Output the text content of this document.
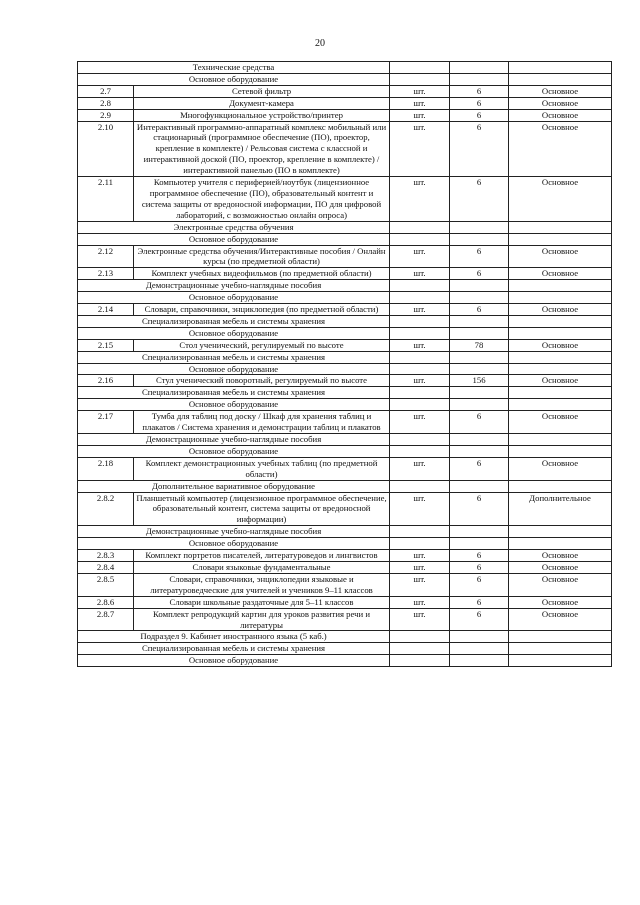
20
Технические средства				
Основное оборудование				
2.7	Сетевой фильтр	шт.	6	Основное
2.8	Документ-камера	шт.	6	Основное
2.9	Многофункциональное устройство/принтер	шт.	6	Основное
2.10	Интерактивный программно-аппаратный комплекс мобильный или стационарный (программное обеспечение (ПО), проектор, крепление в комплекте) / Рельсовая система с классной и интерактивной доской (ПО, проектор, крепление в комплекте) / интерактивной панелью (ПО в комплекте)	шт.	6	Основное
2.11	Компьютер учителя с периферией/ноутбук (лицензионное программное обеспечение (ПО), образовательный контент и система защиты от вредоносной информации, ПО для цифровой лабораторий, с возможностью онлайн опроса)	шт.	6	Основное
Электронные средства обучения				
Основное оборудование				
2.12	Электронные средства обучения/Интерактивные пособия / Онлайн курсы (по предметной области)	шт.	6	Основное
2.13	Комплект учебных видеофильмов (по предметной области)	шт.	6	Основное
Демонстрационные учебно-наглядные пособия				
Основное оборудование				
2.14	Словари, справочники, энциклопедия (по предметной области)	шт.	6	Основное
Специализированная мебель и системы хранения				
Основное оборудование				
2.15	Стол ученический, регулируемый по высоте	шт.	78	Основное
Специализированная мебель и системы хранения				
Основное оборудование				
2.16	Стул ученический поворотный, регулируемый по высоте	шт.	156	Основное
Специализированная мебель и системы хранения				
Основное оборудование				
2.17	Тумба для таблиц под доску / Шкаф для хранения таблиц и плакатов / Система хранения и демонстрации таблиц и плакатов	шт.	6	Основное
Демонстрационные учебно-наглядные пособия				
Основное оборудование				
2.18	Комплект демонстрационных учебных таблиц (по предметной области)	шт.	6	Основное
Дополнительное вариативное оборудование				
2.8.2	Планшетный компьютер (лицензионное программное обеспечение, образовательный контент, система защиты от вредоносной информации)	шт.	6	Дополнительное
Демонстрационные учебно-наглядные пособия				
Основное оборудование				
2.8.3	Комплект портретов писателей, литературоведов и лингвистов	шт.	6	Основное
2.8.4	Словари языковые фундаментальные	шт.	6	Основное
2.8.5	Словари, справочники, энциклопедии языковые и литературоведческие для учителей и учеников 9–11 классов	шт.	6	Основное
2.8.6	Словари школьные раздаточные для 5–11 классов	шт.	6	Основное
2.8.7	Комплект репродукций картин для уроков развития речи и литературы	шт.	6	Основное
Подраздел 9. Кабинет иностранного языка (5 каб.)				
Специализированная мебель и системы хранения				
Основное оборудование				
